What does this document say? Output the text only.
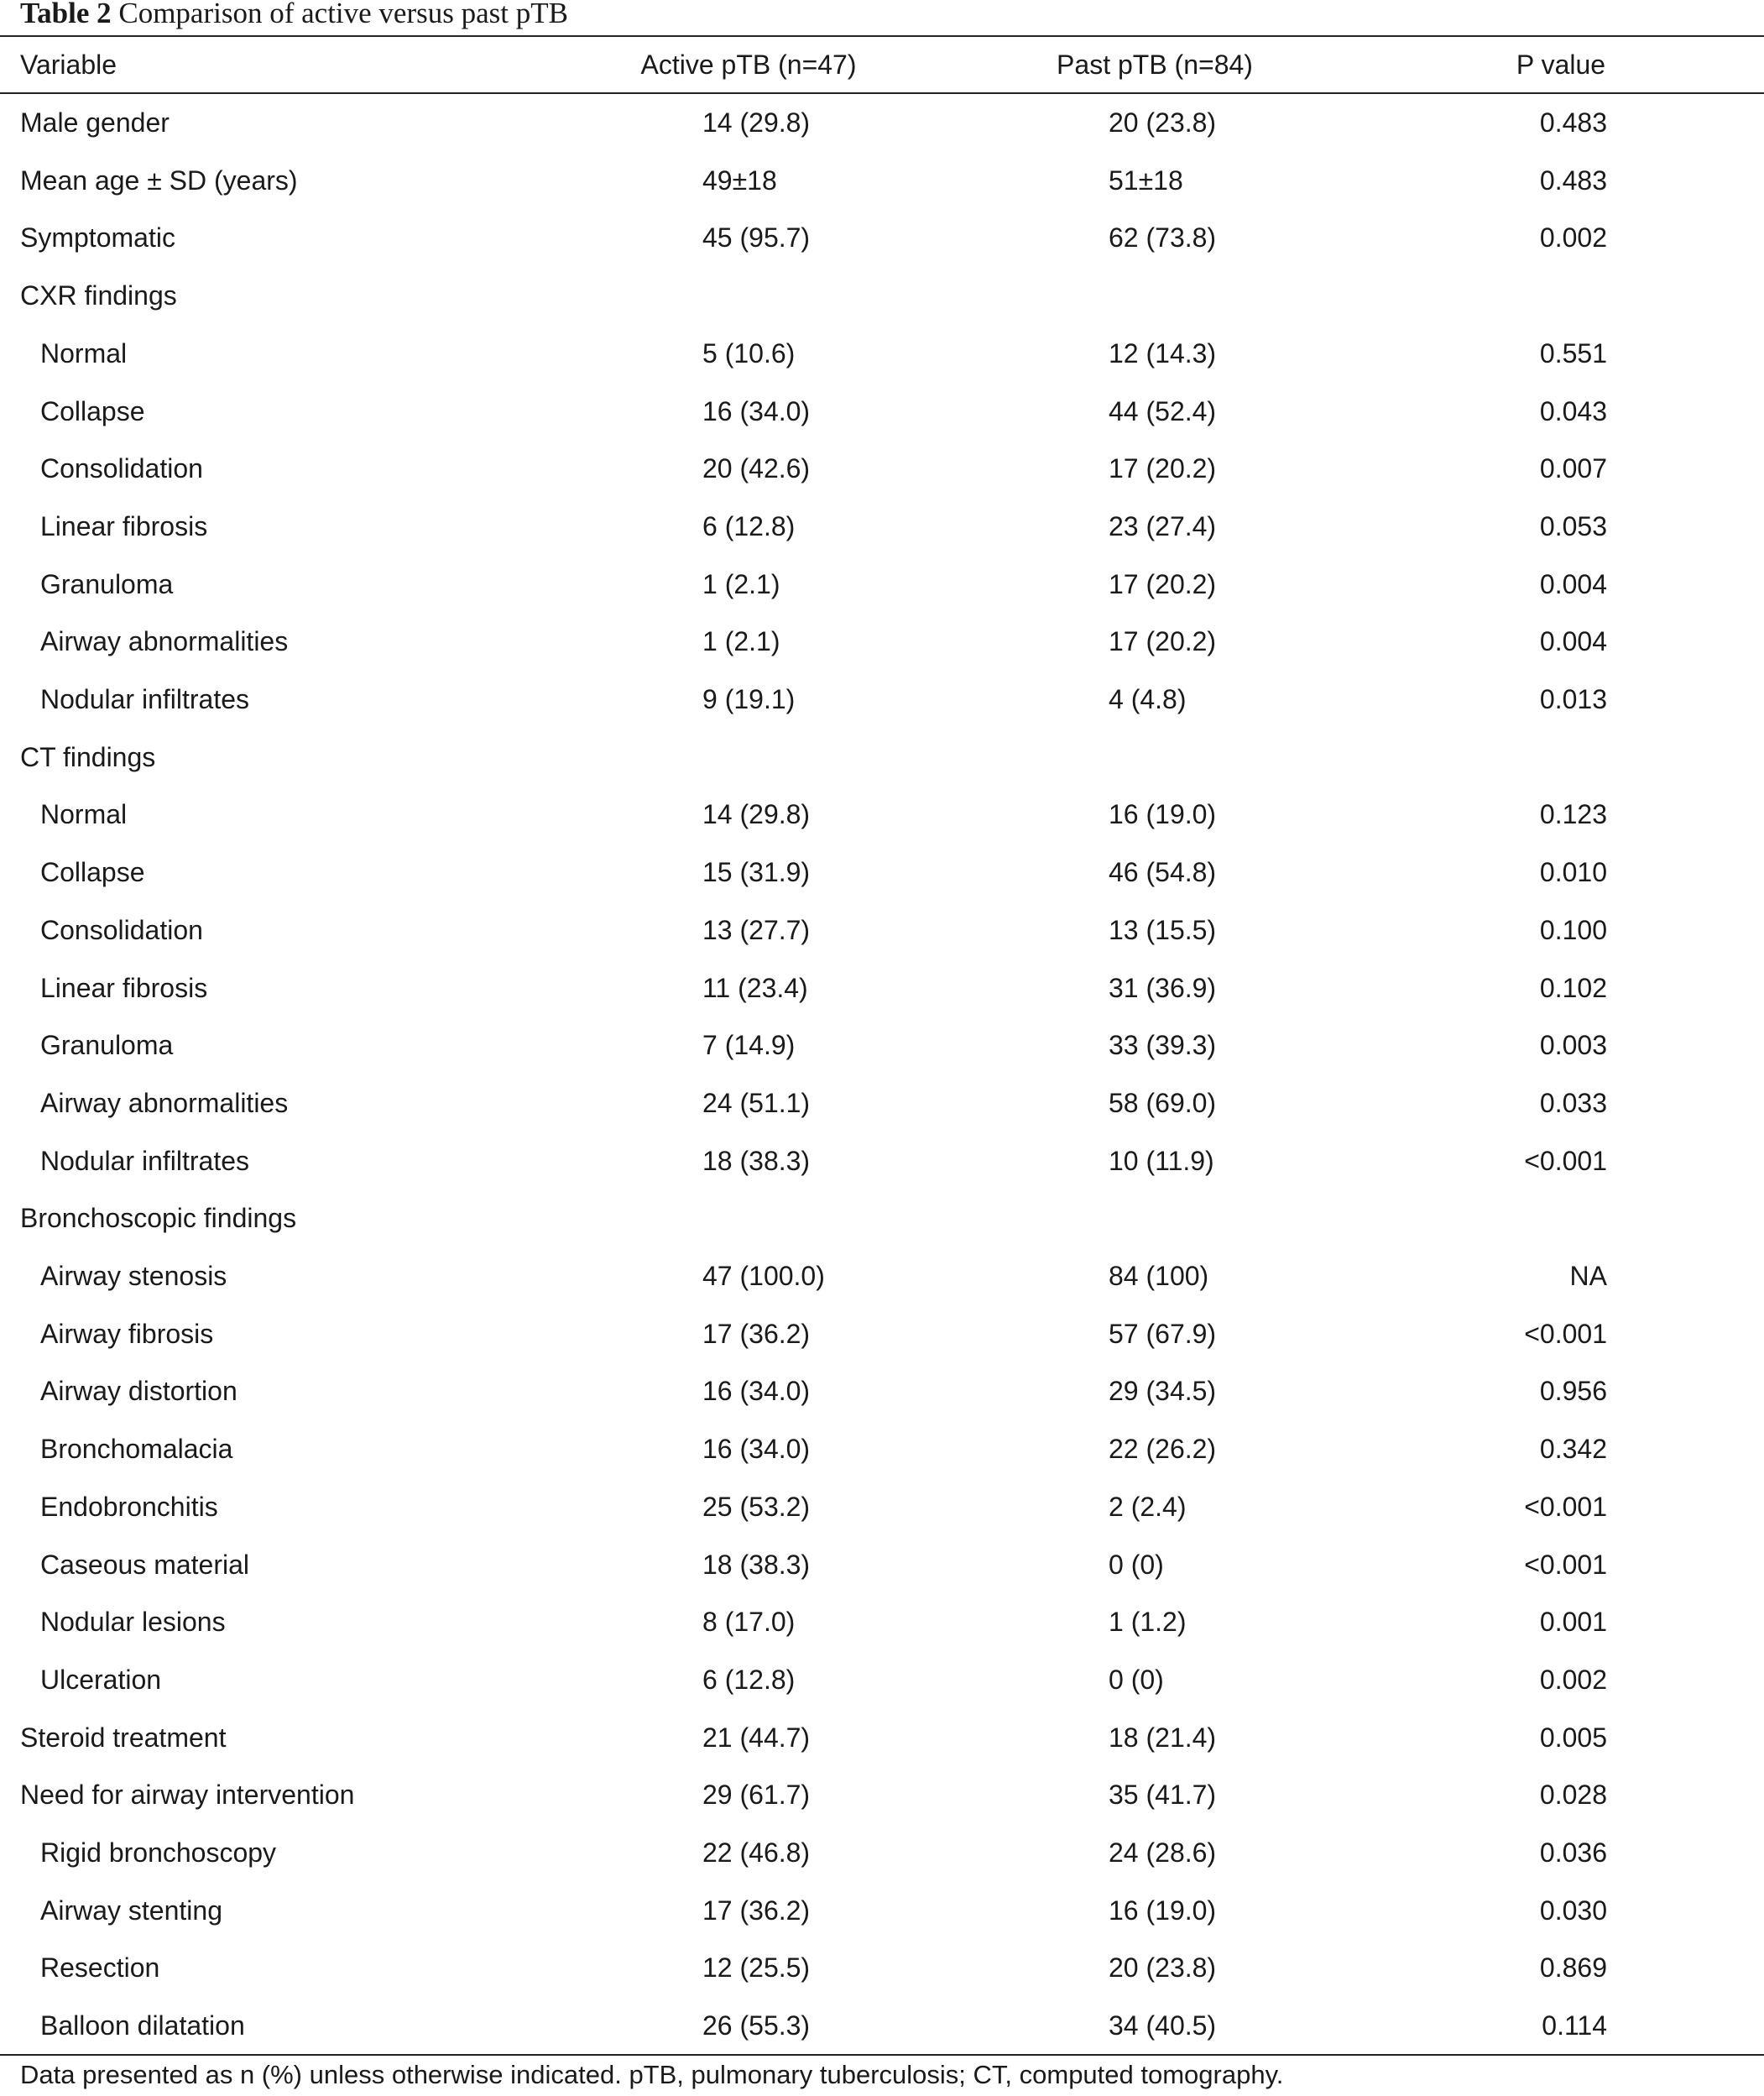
Table 2 Comparison of active versus past pTB
Variable	Active pTB (n=47)	Past pTB (n=84)	P value
Male gender	14 (29.8)	20 (23.8)	0.483
Mean age ± SD (years)	49±18	51±18	0.483
Symptomatic	45 (95.7)	62 (73.8)	0.002
CXR findings
Normal	5 (10.6)	12 (14.3)	0.551
Collapse	16 (34.0)	44 (52.4)	0.043
Consolidation	20 (42.6)	17 (20.2)	0.007
Linear fibrosis	6 (12.8)	23 (27.4)	0.053
Granuloma	1 (2.1)	17 (20.2)	0.004
Airway abnormalities	1 (2.1)	17 (20.2)	0.004
Nodular infiltrates	9 (19.1)	4 (4.8)	0.013
CT findings
Normal	14 (29.8)	16 (19.0)	0.123
Collapse	15 (31.9)	46 (54.8)	0.010
Consolidation	13 (27.7)	13 (15.5)	0.100
Linear fibrosis	11 (23.4)	31 (36.9)	0.102
Granuloma	7 (14.9)	33 (39.3)	0.003
Airway abnormalities	24 (51.1)	58 (69.0)	0.033
Nodular infiltrates	18 (38.3)	10 (11.9)	<0.001
Bronchoscopic findings
Airway stenosis	47 (100.0)	84 (100)	NA
Airway fibrosis	17 (36.2)	57 (67.9)	<0.001
Airway distortion	16 (34.0)	29 (34.5)	0.956
Bronchomalacia	16 (34.0)	22 (26.2)	0.342
Endobronchitis	25 (53.2)	2 (2.4)	<0.001
Caseous material	18 (38.3)	0 (0)	<0.001
Nodular lesions	8 (17.0)	1 (1.2)	0.001
Ulceration	6 (12.8)	0 (0)	0.002
Steroid treatment	21 (44.7)	18 (21.4)	0.005
Need for airway intervention	29 (61.7)	35 (41.7)	0.028
Rigid bronchoscopy	22 (46.8)	24 (28.6)	0.036
Airway stenting	17 (36.2)	16 (19.0)	0.030
Resection	12 (25.5)	20 (23.8)	0.869
Balloon dilatation	26 (55.3)	34 (40.5)	0.114
Data presented as n (%) unless otherwise indicated. pTB, pulmonary tuberculosis; CT, computed tomography.
